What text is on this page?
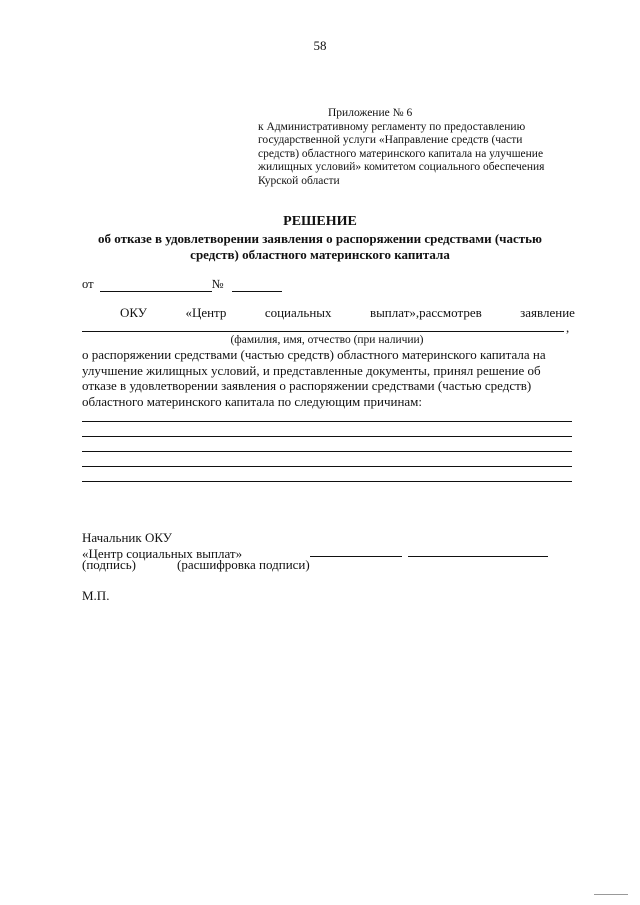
58
Приложение № 6
к Административному регламенту по предоставлению
государственной услуги «Направление средств (части
средств) областного материнского капитала на улучшение
жилищных условий» комитетом социального обеспечения
Курской области
РЕШЕНИЕ
об отказе в удовлетворении заявления о распоряжении средствами (частью
средств) областного материнского капитала
от	№
ОКУ	«Центр	социальных	выплат»,рассмотрев	заявление
,
(фамилия, имя, отчество (при наличии)
о распоряжении средствами (частью средств) областного материнского капитала на
улучшение жилищных условий, и представленные документы, принял решение об
отказе в удовлетворении заявления о распоряжении средствами (частью средств)
областного материнского капитала по следующим причинам:
Начальник ОКУ
«Центр социальных выплат»
(подпись)	(расшифровка подписи)
М.П.
